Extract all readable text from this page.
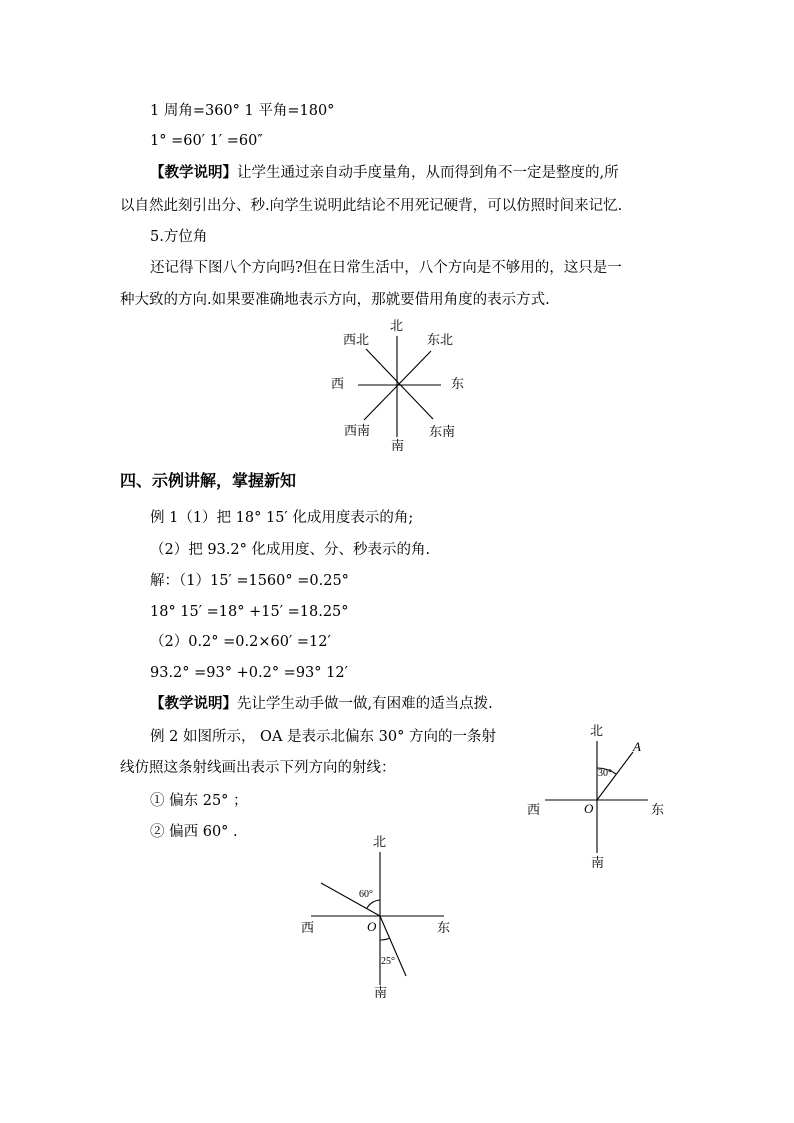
1 周角=360° 1 平角=180°
1° =60′ 1′ =60″
【教学说明】让学生通过亲自动手度量角，从而得到角不一定是整度的,所
以自然此刻引出分、秒.向学生说明此结论不用死记硬背，可以仿照时间来记忆.
5.方位角
还记得下图八个方向吗?但在日常生活中，八个方向是不够用的，这只是一
种大致的方向.如果要准确地表示方向，那就要借用角度的表示方式.
北
东北
东
东南
南
西南
西
西北
四、示例讲解，掌握新知
例 1（1）把 18° 15′ 化成用度表示的角;
（2）把 93.2° 化成用度、分、秒表示的角.
解：（1）15′ =1560° =0.25°
18° 15′ =18° +15′ =18.25°
（2）0.2° =0.2×60′ =12′
93.2° =93° +0.2° =93° 12′
【教学说明】先让学生动手做一做,有困难的适当点拨.
例 2 如图所示， OA 是表示北偏东 30° 方向的一条射
线仿照这条射线画出表示下列方向的射线：
① 偏东 25° ；
② 偏西 60° .
北
A
30°
西	O	东
南
北
60°
西	O	东
25°
南
